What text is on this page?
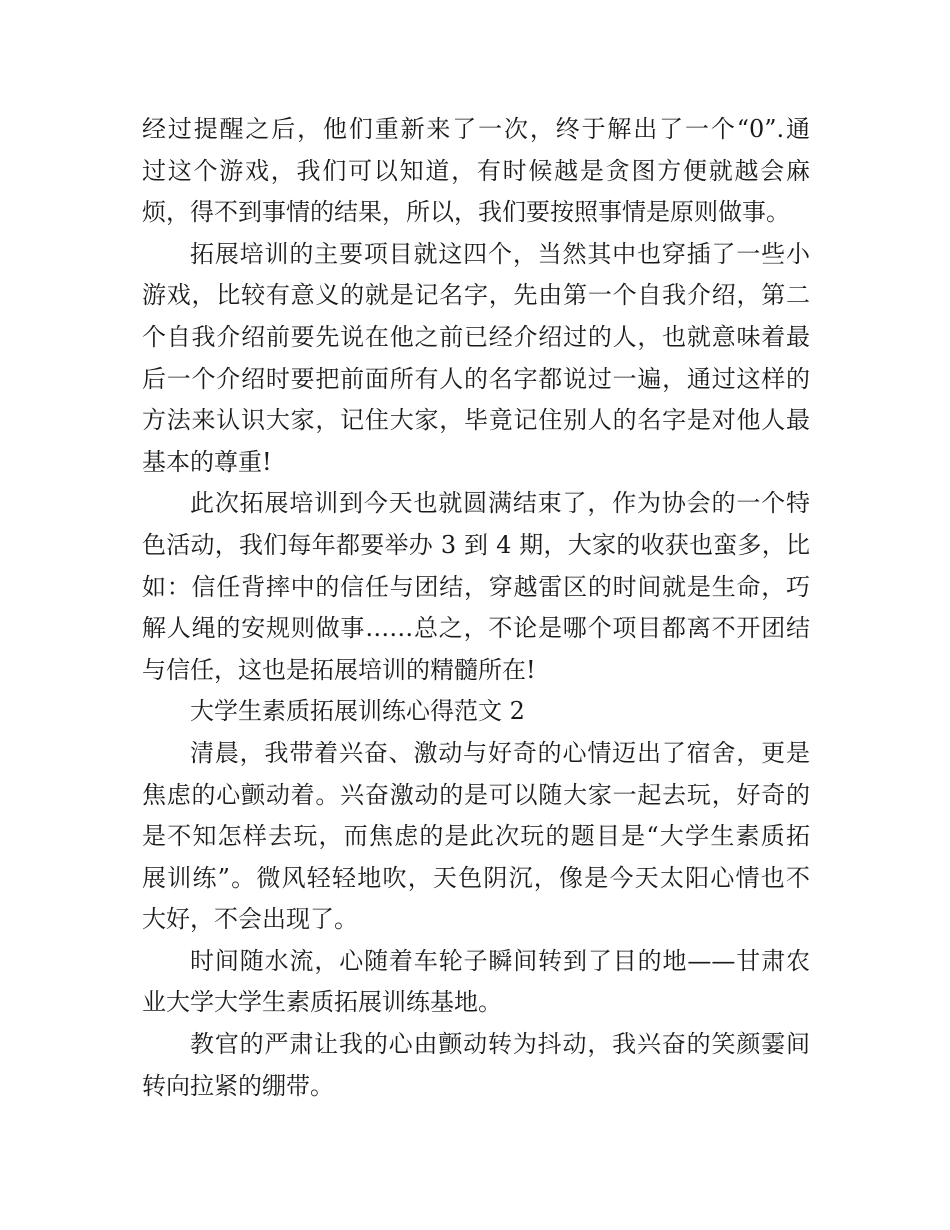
经过提醒之后，他们重新来了一次，终于解出了一个“0”.通
过这个游戏，我们可以知道，有时候越是贪图方便就越会麻
烦，得不到事情的结果，所以，我们要按照事情是原则做事。
拓展培训的主要项目就这四个，当然其中也穿插了一些小
游戏，比较有意义的就是记名字，先由第一个自我介绍，第二
个自我介绍前要先说在他之前已经介绍过的人，也就意味着最
后一个介绍时要把前面所有人的名字都说过一遍，通过这样的
方法来认识大家，记住大家，毕竟记住别人的名字是对他人最
基本的尊重!
此次拓展培训到今天也就圆满结束了，作为协会的一个特
色活动，我们每年都要举办 3 到 4 期，大家的收获也蛮多，比
如：信任背摔中的信任与团结，穿越雷区的时间就是生命，巧
解人绳的安规则做事……总之，不论是哪个项目都离不开团结
与信任，这也是拓展培训的精髓所在!
大学生素质拓展训练心得范文 2
清晨，我带着兴奋、激动与好奇的心情迈出了宿舍，更是
焦虑的心颤动着。兴奋激动的是可以随大家一起去玩，好奇的
是不知怎样去玩，而焦虑的是此次玩的题目是“大学生素质拓
展训练”。微风轻轻地吹，天色阴沉，像是今天太阳心情也不
大好，不会出现了。
时间随水流，心随着车轮子瞬间转到了目的地——甘肃农
业大学大学生素质拓展训练基地。
教官的严肃让我的心由颤动转为抖动，我兴奋的笑颜霎间
转向拉紧的绷带。
